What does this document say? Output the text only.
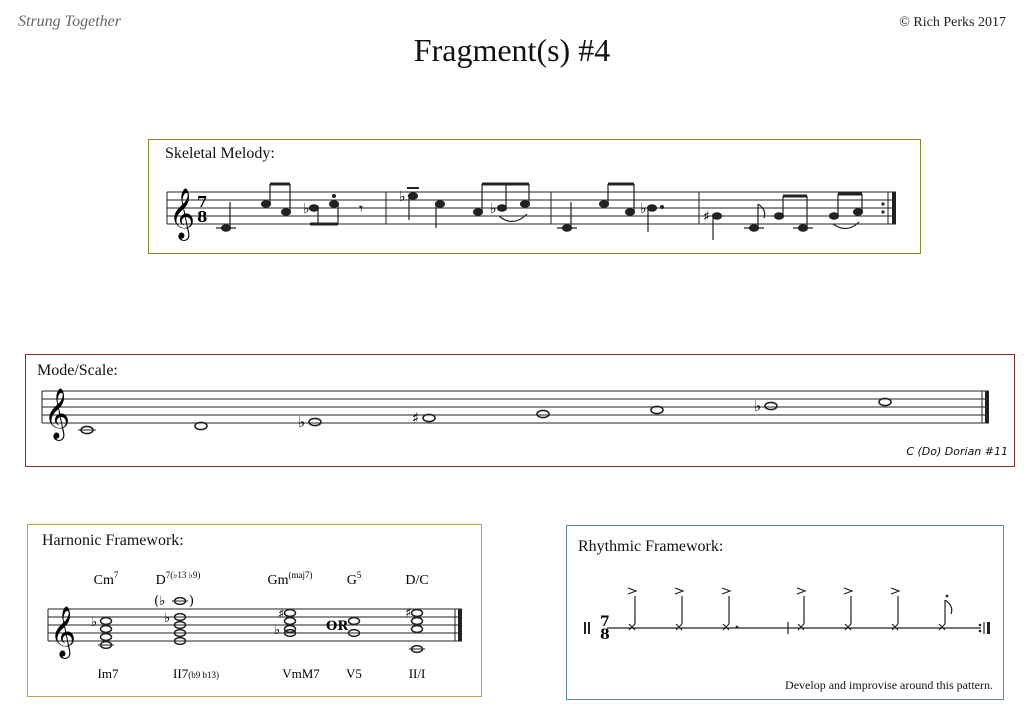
Strung Together	© Rich Perks 2017
Fragment(s) #4
Skeletal Melody:
𝄞 7
8	♭	𝄾
♭
♭	♭	♯
Mode/Scale:
𝄞	♭	♯
♭
C (Do) Dorian #11
Harnonic Framework:
Cm$^7$	$D^{7(♭13 ♭9)}$	$Gm^{(maj7)}$ $G^5$	D/C
𝄞 ♭	♭
(♭ )
♭
♯	♯
OR
Im7	II7(b9 b13)	VmM7 V5	II/I
Rhythmic Framework:
7
8
Develop and improvise around this pattern.
